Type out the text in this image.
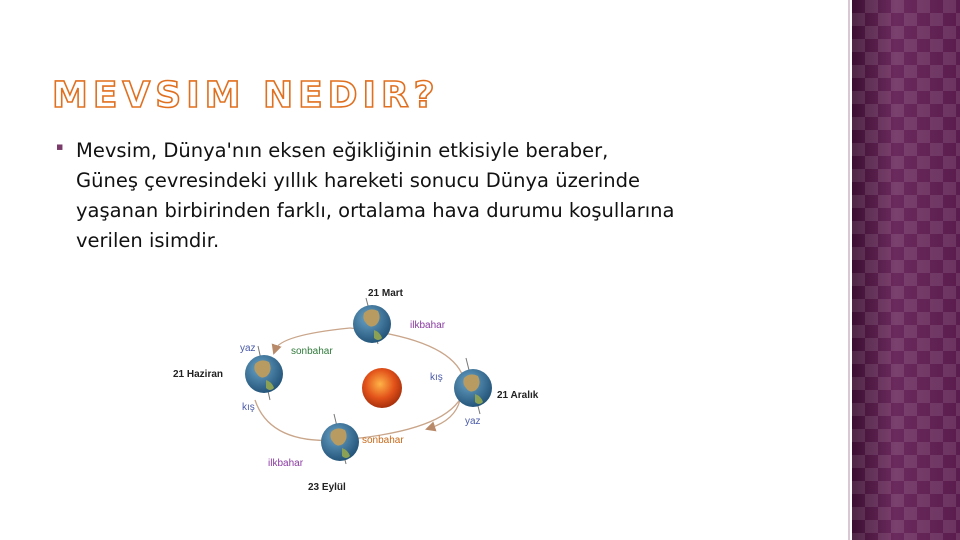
MEVSIM NEDIR?
▪ Mevsim, Dünya'nın eksen eğikliğinin etkisiyle beraber, Güneş çevresindeki yıllık hareketi sonucu Dünya üzerinde yaşanan birbirinden farklı, ortalama hava durumu koşullarına verilen isimdir.

21 Mart
21 Haziran
21 Aralık
23 Eylül
ilkbahar
yaz	sonbahar
kış
kış
yaz
sonbahar
ilkbahar
